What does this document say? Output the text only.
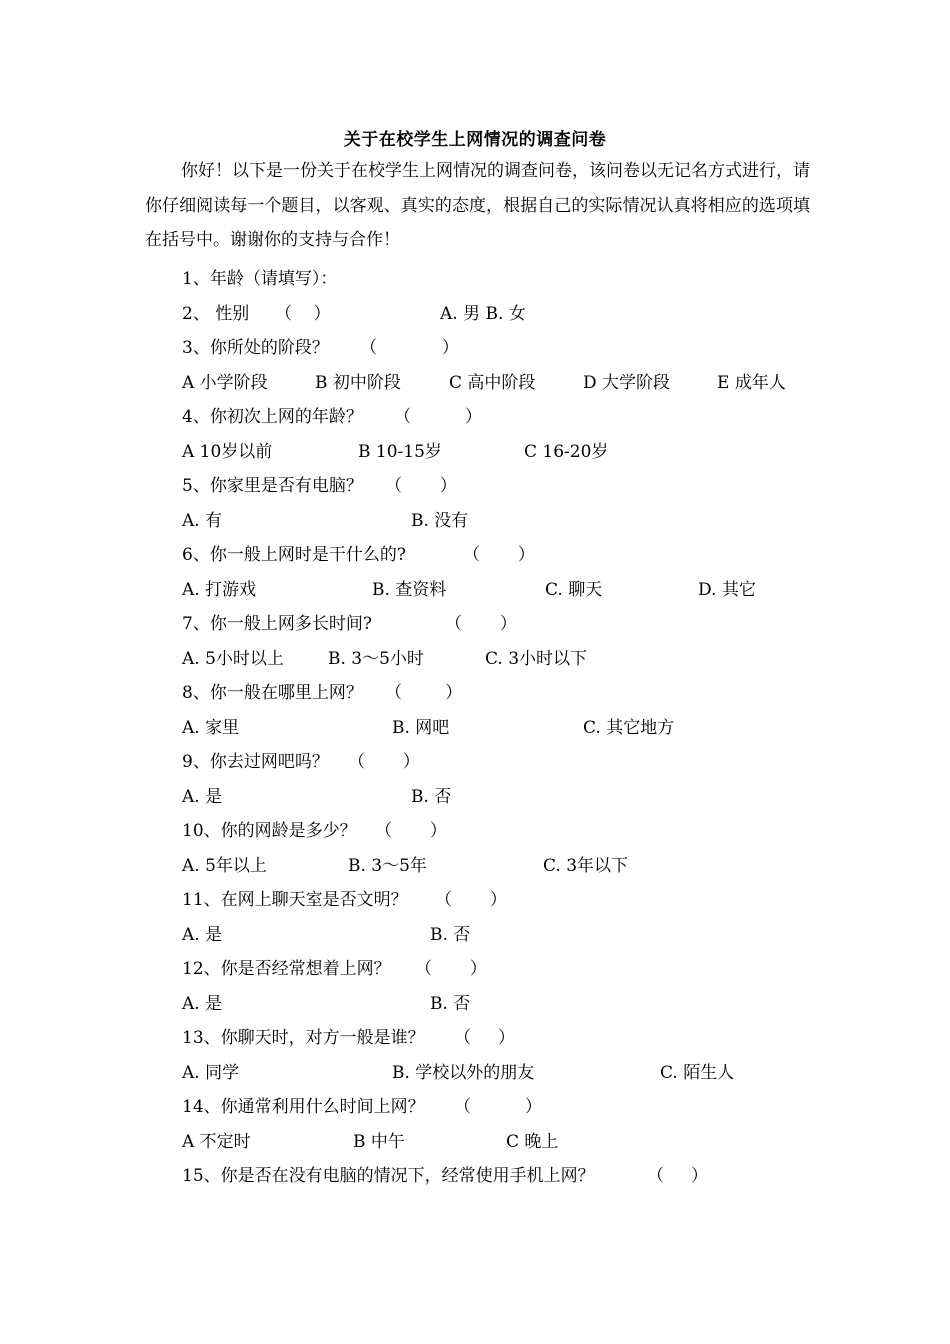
关于在校学生上网情况的调查问卷

你好！以下是一份关于在校学生上网情况的调查问卷，该问卷以无记名方式进行，请你仔细阅读每一个题目，以客观、真实的态度，根据自己的实际情况认真将相应的选项填在括号中。谢谢你的支持与合作！

1、年龄（请填写）：
2、 性别 （    ）	A. 男 B. 女
3、你所处的阶段？ （            ）
A 小学阶段	B 初中阶段	C 高中阶段	D 大学阶段	E 成年人
4、你初次上网的年龄？ （          ）
A 10岁以前	B 10-15岁	C 16-20岁
5、你家里是否有电脑？ （       ）
A. 有	B. 没有
6、你一般上网时是干什么的?	（       ）
A. 打游戏	B. 查资料	C. 聊天	D. 其它
7、你一般上网多长时间?	（       ）
A. 5小时以上	B. 3～5小时	C. 3小时以下
8、你一般在哪里上网？ （        ）
A. 家里	B. 网吧	C. 其它地方
9、你去过网吧吗？ （       ）
A. 是	B. 否
10、你的网龄是多少？ （       ）
A. 5年以上	B. 3～5年	C. 3年以下
11、在网上聊天室是否文明？ （       ）
A. 是	B. 否
12、你是否经常想着上网？ （       ）
A. 是	B. 否
13、你聊天时，对方一般是谁？ （     ）
A. 同学	B. 学校以外的朋友	C. 陌生人
14、你通常利用什么时间上网？ （          ）
A 不定时	B 中午	C 晚上
15、你是否在没有电脑的情况下，经常使用手机上网？	（     ）
